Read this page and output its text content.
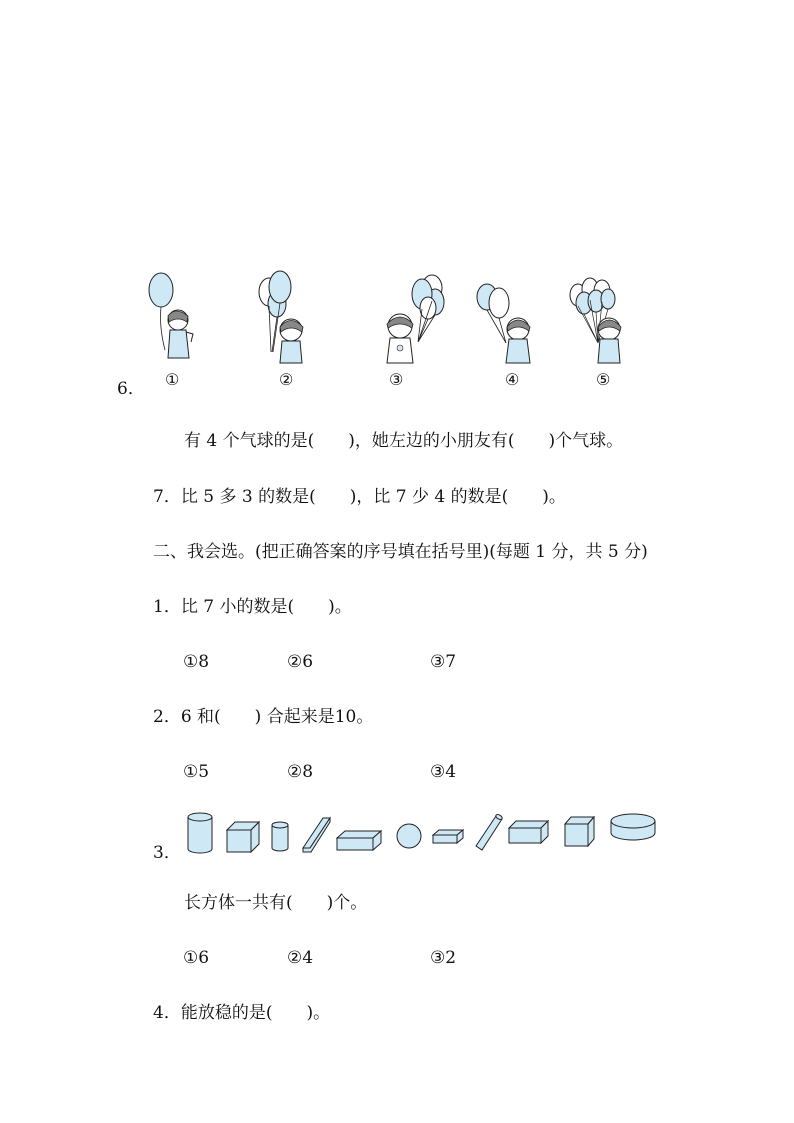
6． ①	②	③	④	⑤
有 4 个气球的是(　　)，她左边的小朋友有(　　)个气球。
7．比 5 多 3 的数是(　　)，比 7 少 4 的数是(　　)。
二、我会选。(把正确答案的序号填在括号里)(每题 1 分，共 5 分)
1．比 7 小的数是(　　)。
①8	②6	③7
2．6 和(　　) 合起来是10。
①5	②8	③4
3．
长方体一共有(　　)个。
①6	②4	③2
4．能放稳的是(　　)。
